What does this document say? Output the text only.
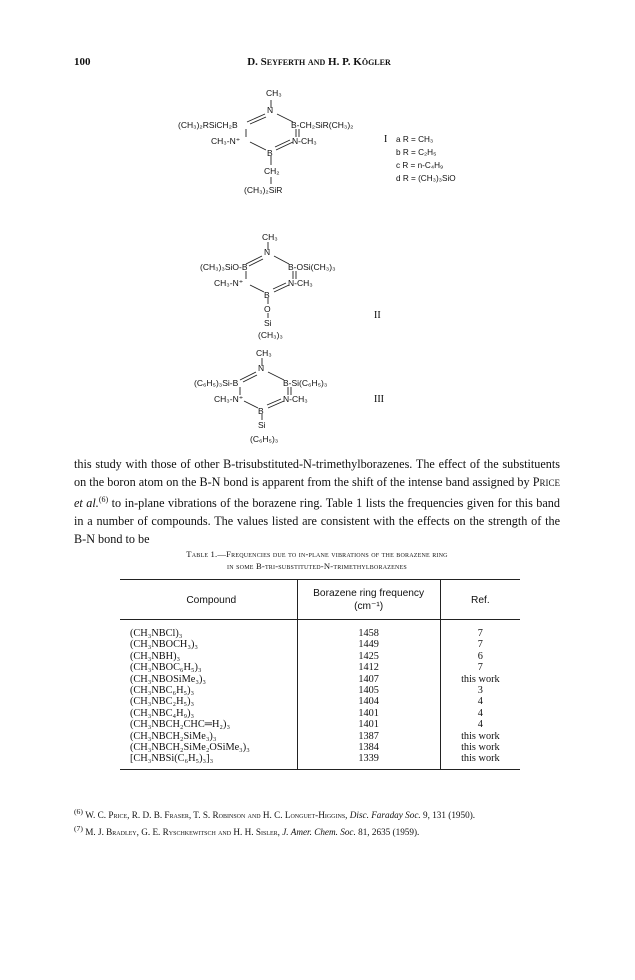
100	D. Seyferth and H. P. Kögler
CH₃
N
(CH₃)₂RSiCH₂B	B-CH₂SiR(CH₃)₂
CH₃-N⁺	N-CH₃
B
CH₂
(CH₃)₂SiR
I a R = CH₃
b R = C₂H₅
c R = n-C₄H₉
d R = (CH₃)₃SiO
CH₃
N
(CH₃)₃SiO-B	B-OSi(CH₃)₃
CH₃-N⁺	N-CH₃
B
O
Si
(CH₃)₃
II
CH₃
N
(C₆H₅)₃Si-B	B-Si(C₆H₅)₃
CH₃-N⁺	N-CH₃
B
Si
(C₆H₅)₃
III
this study with those of other B-trisubstituted-N-trimethylborazenes. The effect of the substituents on the boron atom on the B-N bond is apparent from the shift of the intense band assigned by Price et al.$^{(6)}$ to in-plane vibrations of the borazene ring. Table 1 lists the frequencies given for this band in a number of compounds. The values listed are consistent with the effects on the strength of the B-N bond to be
Table 1.—Frequencies due to in-plane vibrations of the borazene ring
in some B-tri-substituted-N-trimethylborazenes
Compound	Borazene ring frequency (cm⁻¹)	Ref.
(CH₃NBCl)₃	1458	7
(CH₃NBOCH₃)₃	1449	7
(CH₃NBH)₃	1425	6
(CH₃NBOC₆H₅)₃	1412	7
(CH₃NBOSiMe₃)₃	1407	this work
(CH₃NBC₆H₅)₃	1405	3
(CH₃NBC₂H₅)₃	1404	4
(CH₃NBC₄H₉)₃	1401	4
(CH₃NBCH₂CHC═H₂)₃	1401	4
(CH₃NBCH₂SiMe₃)₃	1387	this work
(CH₃NBCH₂SiMe₂OSiMe₃)₃	1384	this work
[CH₃NBSi(C₆H₅)₃]₃	1339	this work
$^{(6)}$ W. C. Price, R. D. B. Fraser, T. S. Robinson and H. C. Longuet-Higgins, Disc. Faraday Soc. 9, 131 (1950).
$^{(7)}$ M. J. Bradley, G. E. Ryschkewitsch and H. H. Sisler, J. Amer. Chem. Soc. 81, 2635 (1959).
